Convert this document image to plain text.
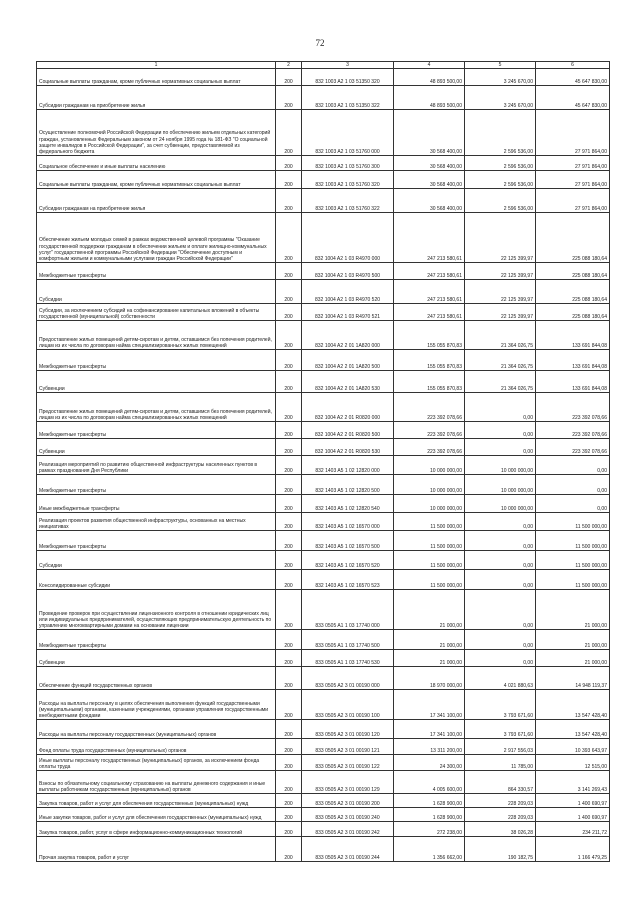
72
1	2	3	4	5	6
Социальные выплаты гражданам, кроме публичных нормативных социальных выплат	200	832 1003 A2 1 03 51350 320	48 893 500,00	3 245 670,00	45 647 830,00
Субсидии гражданам на приобретение жилья	200	832 1003 A2 1 03 51350 322	48 893 500,00	3 245 670,00	45 647 830,00
Осуществление полномочий Российской Федерации по обеспечению жильем отдельных категорий граждан, установленных Федеральным законом от 24 ноября 1995 года № 181-ФЗ "О социальной защите инвалидов в Российской Федерации", за счет субвенции, предоставляемой из федерального бюджета	200	832 1003 A2 1 03 51760 000	30 568 400,00	2 596 536,00	27 971 864,00
Социальное обеспечение и иные выплаты населению	200	832 1003 A2 1 03 51760 300	30 568 400,00	2 596 536,00	27 971 864,00
Социальные выплаты гражданам, кроме публичных нормативных социальных выплат	200	832 1003 A2 1 03 51760 320	30 568 400,00	2 596 536,00	27 971 864,00
Субсидии гражданам на приобретение жилья	200	832 1003 A2 1 03 51760 322	30 568 400,00	2 596 536,00	27 971 864,00
Обеспечение жильем молодых семей в рамках ведомственной целевой программы "Оказание государственной поддержки гражданам в обеспечении жильем и оплате жилищно-коммунальных услуг" государственной программы Российской Федерации "Обеспечение доступным и комфортным жильем и коммунальными услугами граждан Российской Федерации"	200	832 1004 A2 1 03 R4970 000	247 213 580,61	22 125 399,97	225 088 180,64
Межбюджетные трансферты	200	832 1004 A2 1 03 R4970 500	247 213 580,61	22 125 399,97	225 088 180,64
Субсидии	200	832 1004 A2 1 03 R4970 520	247 213 580,61	22 125 399,97	225 088 180,64
Субсидии, за исключением субсидий на софинансирование капитальных вложений в объекты государственной (муниципальной) собственности	200	832 1004 A2 1 03 R4970 521	247 213 580,61	22 125 399,97	225 088 180,64
Предоставление жилых помещений детям-сиротам и детям, оставшимся без попечения родителей, лицам из их числа по договорам найма специализированных жилых помещений	200	832 1004 A2 2 01 1A820 000	155 055 870,83	21 364 026,75	133 691 844,08
Межбюджетные трансферты	200	832 1004 A2 2 01 1A820 500	155 055 870,83	21 364 026,75	133 691 844,08
Субвенции	200	832 1004 A2 2 01 1A820 530	155 055 870,83	21 364 026,75	133 691 844,08
Предоставление жилых помещений детям-сиротам и детям, оставшимся без попечения родителей, лицам из их числа по договорам найма специализированных жилых помещений	200	832 1004 A2 2 01 R0820 000	223 392 078,66	0,00	223 392 078,66
Межбюджетные трансферты	200	832 1004 A2 2 01 R0820 500	223 392 078,66	0,00	223 392 078,66
Субвенции	200	832 1004 A2 2 01 R0820 530	223 392 078,66	0,00	223 392 078,66
Реализация мероприятий по развитию общественной инфраструктуры населенных пунктов в рамках празднования Дня Республики	200	832 1403 A5 1 02 12820 000	10 000 000,00	10 000 000,00	0,00
Межбюджетные трансферты	200	832 1403 A5 1 02 12820 500	10 000 000,00	10 000 000,00	0,00
Иные межбюджетные трансферты	200	832 1403 A5 1 02 12820 540	10 000 000,00	10 000 000,00	0,00
Реализация проектов развития общественной инфраструктуры, основанных на местных инициативах	200	832 1403 A5 1 02 16570 000	11 500 000,00	0,00	11 500 000,00
Межбюджетные трансферты	200	832 1403 A5 1 02 16570 500	11 500 000,00	0,00	11 500 000,00
Субсидии	200	832 1403 A5 1 02 16570 520	11 500 000,00	0,00	11 500 000,00
Консолидированные субсидии	200	832 1403 A5 1 02 16570 523	11 500 000,00	0,00	11 500 000,00
Проведение проверок при осуществлении лицензионного контроля в отношении юридических лиц или индивидуальных предпринимателей, осуществляющих предпринимательскую деятельность по управлению многоквартирными домами на основании лицензии	200	833 0505 A1 1 03 17740 000	21 000,00	0,00	21 000,00
Межбюджетные трансферты	200	833 0505 A1 1 03 17740 500	21 000,00	0,00	21 000,00
Субвенции	200	833 0505 A1 1 03 17740 530	21 000,00	0,00	21 000,00
Обеспечение функций государственных органов	200	833 0505 A2 3 01 00190 000	18 970 000,00	4 021 880,63	14 948 119,37
Расходы на выплаты персоналу в целях обеспечения выполнения функций государственными (муниципальными) органами, казенными учреждениями, органами управления государственными внебюджетными фондами	200	833 0505 A2 3 01 00190 100	17 341 100,00	3 793 671,60	13 547 428,40
Расходы на выплаты персоналу государственных (муниципальных) органов	200	833 0505 A2 3 01 00190 120	17 341 100,00	3 793 671,60	13 547 428,40
Фонд оплаты труда государственных (муниципальных) органов	200	833 0505 A2 3 01 00190 121	13 311 200,00	2 917 556,03	10 393 643,97
Иные выплаты персоналу государственных (муниципальных) органов, за исключением фонда оплаты труда	200	833 0505 A2 3 01 00190 122	24 300,00	11 785,00	12 515,00
Взносы по обязательному социальному страхованию на выплаты денежного содержания и иные выплаты работникам государственных (муниципальных) органов	200	833 0505 A2 3 01 00190 129	4 005 600,00	864 330,57	3 141 269,43
Закупка товаров, работ и услуг для обеспечения государственных (муниципальных) нужд	200	833 0505 A2 3 01 00190 200	1 628 900,00	228 209,03	1 400 690,97
Иные закупки товаров, работ и услуг для обеспечения государственных (муниципальных) нужд	200	833 0505 A2 3 01 00190 240	1 628 900,00	228 209,03	1 400 690,97
Закупка товаров, работ, услуг в сфере информационно-коммуникационных технологий	200	833 0505 A2 3 01 00190 242	272 238,00	38 026,28	234 211,72
Прочая закупка товаров, работ и услуг	200	833 0505 A2 3 01 00190 244	1 356 662,00	190 182,75	1 166 479,25
